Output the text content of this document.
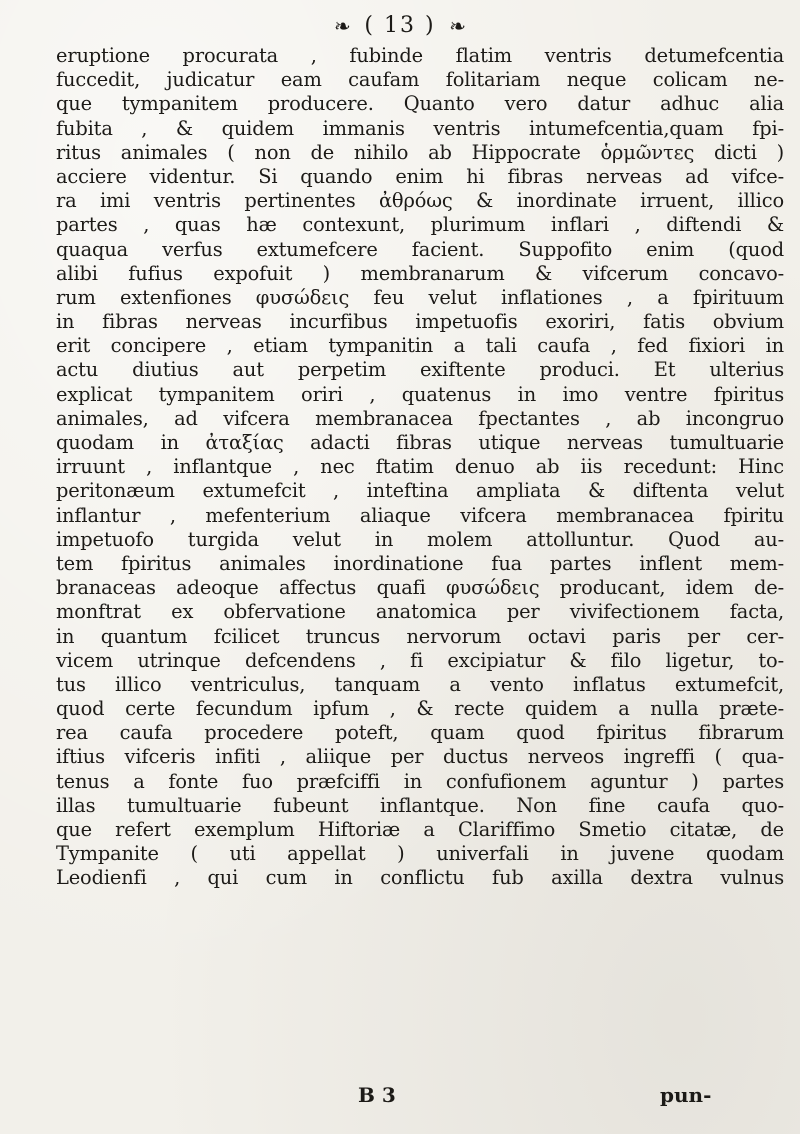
❧ ( 13 ) ❧
eruptione procurata , fubinde flatim ventris detumefcentia
fuccedit, judicatur eam caufam folitariam neque colicam ne-
que tympanitem producere. Quanto vero datur adhuc alia
fubita , & quidem immanis ventris intumefcentia,quam fpi-
ritus animales ( non de nihilo ab Hippocrate ὁρμῶντες dicti )
acciere videntur. Si quando enim hi fibras nerveas ad vifce-
ra imi ventris pertinentes ἀθρόως & inordinate irruent, illico
partes , quas hæ contexunt, plurimum inflari , diftendi &
quaqua verfus extumefcere facient. Suppofito enim (quod
alibi fufius expofuit ) membranarum & vifcerum concavo-
rum extenfiones φυσώδεις feu velut inflationes , a fpirituum
in fibras nerveas incurfibus impetuofis exoriri, fatis obvium
erit concipere , etiam tympanitin a tali caufa , fed fixiori in
actu diutius aut perpetim exiftente produci. Et ulterius
explicat tympanitem oriri , quatenus in imo ventre fpiritus
animales, ad vifcera membranacea fpectantes , ab incongruo
quodam in ἀταξίας adacti fibras utique nerveas tumultuarie
irruunt , inflantque , nec ftatim denuo ab iis recedunt: Hinc
peritonæum extumefcit , inteftina ampliata & diftenta velut
inflantur , mefenterium aliaque vifcera membranacea fpiritu
impetuofo turgida velut in molem attolluntur. Quod au-
tem fpiritus animales inordinatione fua partes inflent mem-
branaceas adeoque affectus quafi φυσώδεις producant, idem de-
monftrat ex obfervatione anatomica per vivifectionem facta,
in quantum fcilicet truncus nervorum octavi paris per cer-
vicem utrinque defcendens , fi excipiatur & filo ligetur, to-
tus illico ventriculus, tanquam a vento inflatus extumefcit,
quod certe fecundum ipfum , & recte quidem a nulla præte-
rea caufa procedere poteft, quam quod fpiritus fibrarum
iftius vifceris infiti , aliique per ductus nerveos ingreffi ( qua-
tenus a fonte fuo præfciffi in confufionem aguntur ) partes
illas tumultuarie fubeunt inflantque. Non fine caufa quo-
que refert exemplum Hiftoriæ a Clariffimo Smetio citatæ, de
Tympanite ( uti appellat ) univerfali in juvene quodam
Leodienfi , qui cum in conflictu fub axilla dextra vulnus
B 3	pun-
